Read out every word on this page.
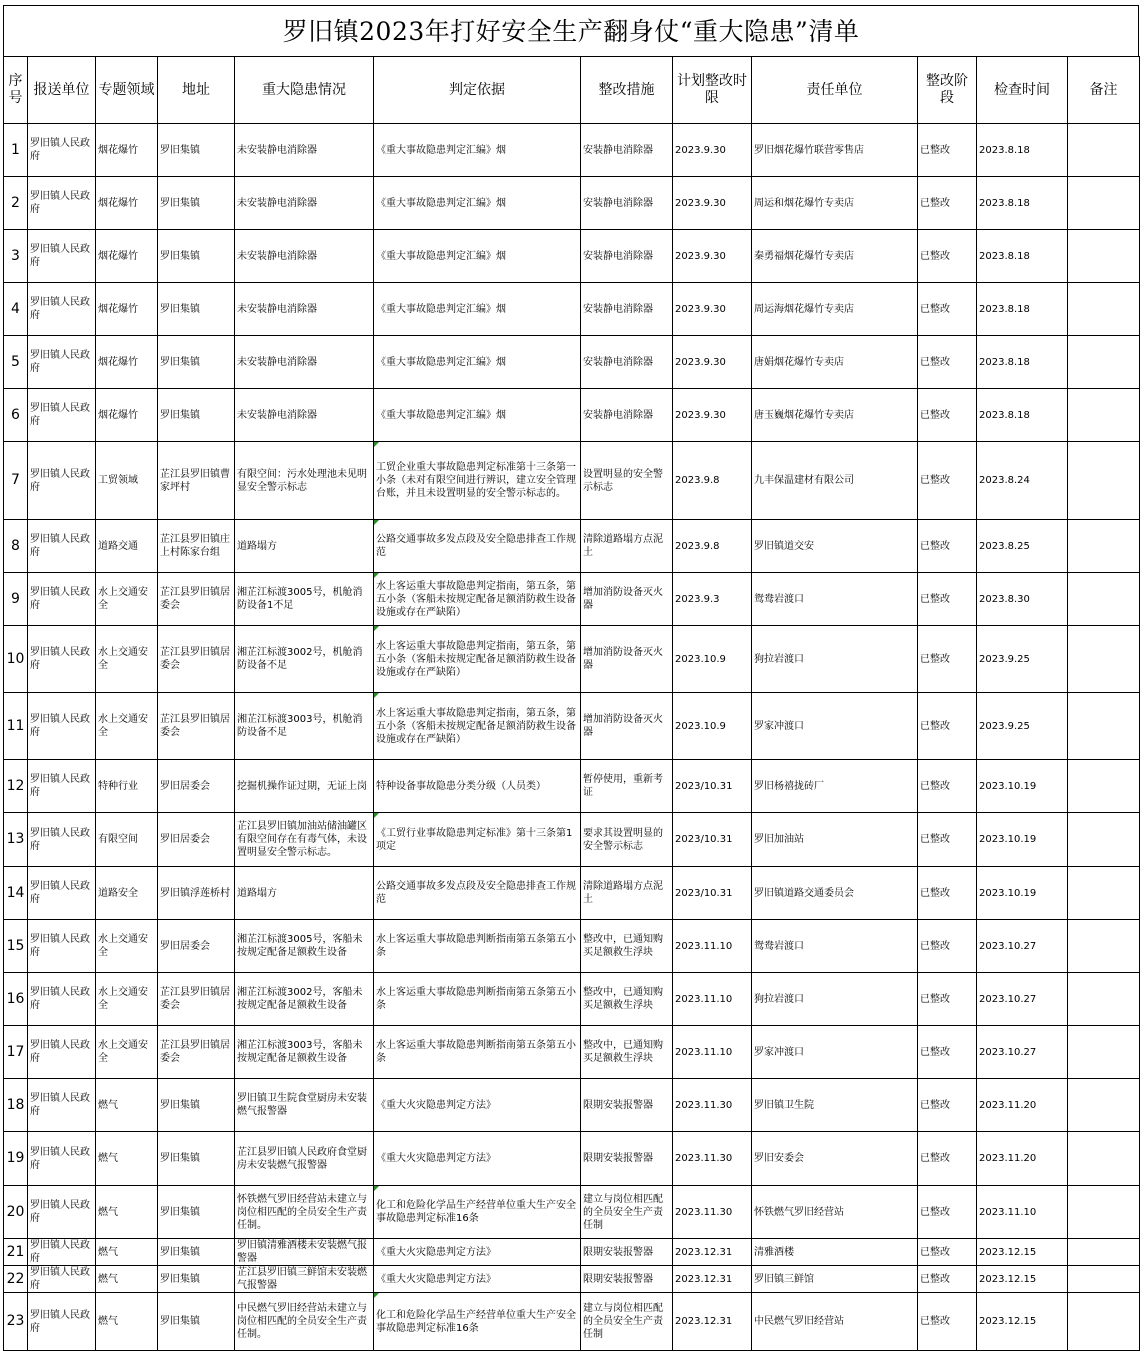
罗旧镇2023年打好安全生产翻身仗“重大隐患”清单
序号	报送单位	专题领域	地址	重大隐患情况	判定依据	整改措施	计划整改时限	责任单位	整改阶段	检查时间	备注
1	罗旧镇人民政府	烟花爆竹	罗旧集镇	未安装静电消除器	《重大事故隐患判定汇编》烟	安装静电消除器	2023.9.30	罗旧烟花爆竹联营零售店	已整改	2023.8.18	
2	罗旧镇人民政府	烟花爆竹	罗旧集镇	未安装静电消除器	《重大事故隐患判定汇编》烟	安装静电消除器	2023.9.30	周运和烟花爆竹专卖店	已整改	2023.8.18	
3	罗旧镇人民政府	烟花爆竹	罗旧集镇	未安装静电消除器	《重大事故隐患判定汇编》烟	安装静电消除器	2023.9.30	秦勇福烟花爆竹专卖店	已整改	2023.8.18	
4	罗旧镇人民政府	烟花爆竹	罗旧集镇	未安装静电消除器	《重大事故隐患判定汇编》烟	安装静电消除器	2023.9.30	周运海烟花爆竹专卖店	已整改	2023.8.18	
5	罗旧镇人民政府	烟花爆竹	罗旧集镇	未安装静电消除器	《重大事故隐患判定汇编》烟	安装静电消除器	2023.9.30	唐娟烟花爆竹专卖店	已整改	2023.8.18	
6	罗旧镇人民政府	烟花爆竹	罗旧集镇	未安装静电消除器	《重大事故隐患判定汇编》烟	安装静电消除器	2023.9.30	唐玉巍烟花爆竹专卖店	已整改	2023.8.18	
7	罗旧镇人民政府	工贸领域	芷江县罗旧镇曹家坪村	有限空间：污水处理池未见明显安全警示标志	工贸企业重大事故隐患判定标准第十三条第一小条（未对有限空间进行辨识，建立安全管理台账，并且未设置明显的安全警示标志的。	设置明显的安全警示标志	2023.9.8	九丰保温建材有限公司	已整改	2023.8.24	
8	罗旧镇人民政府	道路交通	芷江县罗旧镇庄上村陈家台组	道路塌方	公路交通事故多发点段及安全隐患排查工作规范	清除道路塌方点泥土	2023.9.8	罗旧镇道交安	已整改	2023.8.25	
9	罗旧镇人民政府	水上交通安全	芷江县罗旧镇居委会	湘芷江标渡3005号，机舱消防设备1不足	水上客运重大事故隐患判定指南，第五条，第五小条（客船未按规定配备足额消防救生设备设施或存在严缺陷）	增加消防设备灭火器	2023.9.3	鸳鸯岩渡口	已整改	2023.8.30	
10	罗旧镇人民政府	水上交通安全	芷江县罗旧镇居委会	湘芷江标渡3002号，机舱消防设备不足	水上客运重大事故隐患判定指南，第五条，第五小条（客船未按规定配备足额消防救生设备设施或存在严缺陷）	增加消防设备灭火器	2023.10.9	狗拉岩渡口	已整改	2023.9.25	
11	罗旧镇人民政府	水上交通安全	芷江县罗旧镇居委会	湘芷江标渡3003号，机舱消防设备不足	水上客运重大事故隐患判定指南，第五条，第五小条（客船未按规定配备足额消防救生设备设施或存在严缺陷）	增加消防设备灭火器	2023.10.9	罗家冲渡口	已整改	2023.9.25	
12	罗旧镇人民政府	特种行业	罗旧居委会	挖掘机操作证过期，无证上岗	特种设备事故隐患分类分级（人员类）	暂停使用，重新考证	2023/10.31	罗旧杨禧拢砖厂	已整改	2023.10.19	
13	罗旧镇人民政府	有限空间	罗旧居委会	芷江县罗旧镇加油站储油罐区有限空间存在有毒气体，未设置明显安全警示标志。	《工贸行业事故隐患判定标准》第十三条第1项定	要求其设置明显的安全警示标志	2023/10.31	罗旧加油站	已整改	2023.10.19	
14	罗旧镇人民政府	道路安全	罗旧镇浮莲桥村	道路塌方	公路交通事故多发点段及安全隐患排查工作规范	清除道路塌方点泥土	2023/10.31	罗旧镇道路交通委员会	已整改	2023.10.19	
15	罗旧镇人民政府	水上交通安全	罗旧居委会	湘芷江标渡3005号，客船未按规定配备足额救生设备	水上客运重大事故隐患判断指南第五条第五小条	整改中，已通知购买足额救生浮块	2023.11.10	鸳鸯岩渡口	已整改	2023.10.27	
16	罗旧镇人民政府	水上交通安全	芷江县罗旧镇居委会	湘芷江标渡3002号，客船未按规定配备足额救生设备	水上客运重大事故隐患判断指南第五条第五小条	整改中，已通知购买足额救生浮块	2023.11.10	狗拉岩渡口	已整改	2023.10.27	
17	罗旧镇人民政府	水上交通安全	芷江县罗旧镇居委会	湘芷江标渡3003号，客船未按规定配备足额救生设备	水上客运重大事故隐患判断指南第五条第五小条	整改中，已通知购买足额救生浮块	2023.11.10	罗家冲渡口	已整改	2023.10.27	
18	罗旧镇人民政府	燃气	罗旧集镇	罗旧镇卫生院食堂厨房未安装燃气报警器	《重大火灾隐患判定方法》	限期安装报警器	2023.11.30	罗旧镇卫生院	已整改	2023.11.20	
19	罗旧镇人民政府	燃气	罗旧集镇	芷江县罗旧镇人民政府食堂厨房未安装燃气报警器	《重大火灾隐患判定方法》	限期安装报警器	2023.11.30	罗旧安委会	已整改	2023.11.20	
20	罗旧镇人民政府	燃气	罗旧集镇	怀铁燃气罗旧经营站未建立与岗位相匹配的全员安全生产责任制。	化工和危险化学品生产经营单位重大生产安全事故隐患判定标准16条	建立与岗位相匹配的全员安全生产责任制	2023.11.30	怀铁燃气罗旧经营站	已整改	2023.11.10	
21	罗旧镇人民政府	燃气	罗旧集镇	罗旧镇清雅酒楼未安装燃气报警器	《重大火灾隐患判定方法》	限期安装报警器	2023.12.31	清雅酒楼	已整改	2023.12.15	
22	罗旧镇人民政府	燃气	罗旧集镇	芷江县罗旧镇三鲜馆未安装燃气报警器	《重大火灾隐患判定方法》	限期安装报警器	2023.12.31	罗旧镇三鲜馆	已整改	2023.12.15	
23	罗旧镇人民政府	燃气	罗旧集镇	中民燃气罗旧经营站未建立与岗位相匹配的全员安全生产责任制。	化工和危险化学品生产经营单位重大生产安全事故隐患判定标准16条	建立与岗位相匹配的全员安全生产责任制	2023.12.31	中民燃气罗旧经营站	已整改	2023.12.15	
